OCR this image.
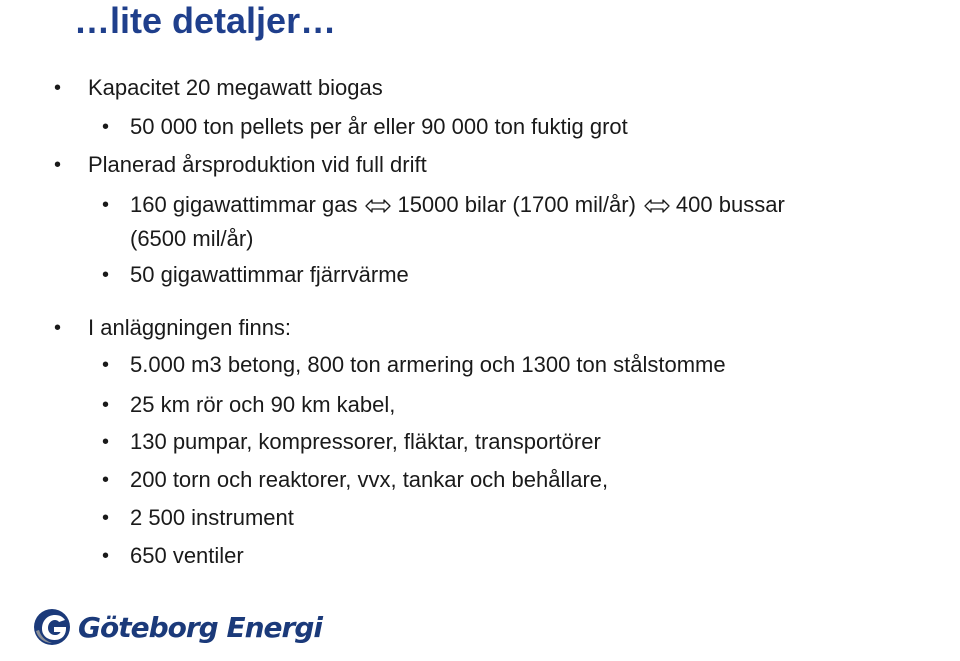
…lite detaljer…
• Kapacitet 20 megawatt biogas
• 50 000 ton pellets per år eller 90 000 ton fuktig grot
• Planerad årsproduktion vid full drift
• 160 gigawattimmar gas 15000 bilar (1700 mil/år) 400 bussar
(6500 mil/år)
• 50 gigawattimmar fjärrvärme
• I anläggningen finns:
• 5.000 m3 betong, 800 ton armering och 1300 ton stålstomme
• 25 km rör och 90 km kabel,
• 130 pumpar, kompressorer, fläktar, transportörer
• 200 torn och reaktorer, vvx, tankar och behållare,
• 2 500 instrument
• 650 ventiler
Göteborg Energi
